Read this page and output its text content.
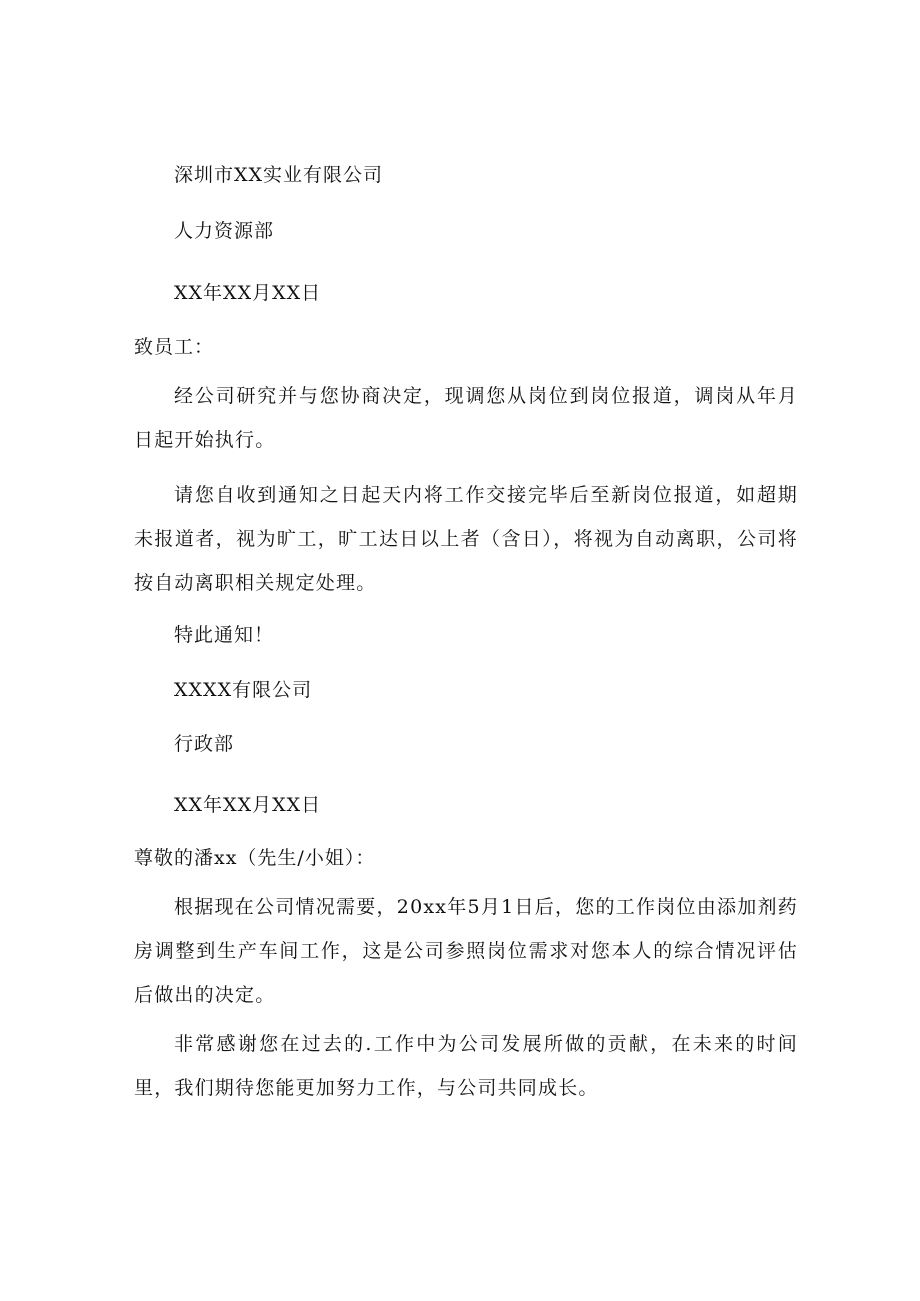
深圳市XX实业有限公司
人力资源部
XX年XX月XX日
致员工：
经公司研究并与您协商决定，现调您从岗位到岗位报道，调岗从年月日起开始执行。
请您自收到通知之日起天内将工作交接完毕后至新岗位报道，如超期未报道者，视为旷工，旷工达日以上者（含日），将视为自动离职，公司将按自动离职相关规定处理。
特此通知！
XXXX有限公司
行政部
XX年XX月XX日
尊敬的潘xx（先生/小姐）：
根据现在公司情况需要，20xx年5月1日后，您的工作岗位由添加剂药房调整到生产车间工作，这是公司参照岗位需求对您本人的综合情况评估后做出的决定。
非常感谢您在过去的.工作中为公司发展所做的贡献，在未来的时间里，我们期待您能更加努力工作，与公司共同成长。
